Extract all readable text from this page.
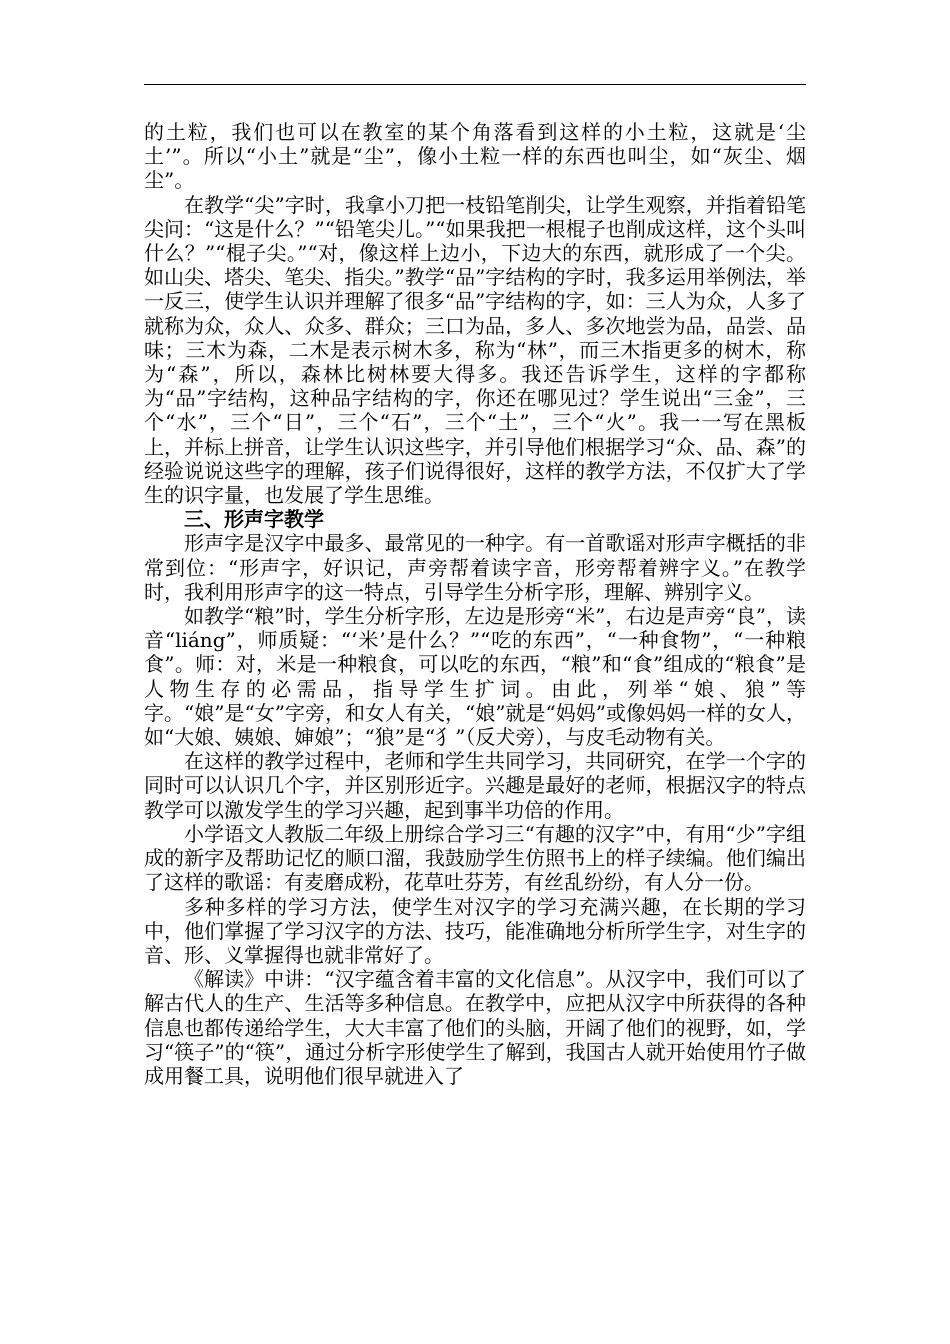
的土粒，我们也可以在教室的某个角落看到这样的小土粒，这就是‘尘土’”。所以“小土”就是“尘”，像小土粒一样的东西也叫尘，如“灰尘、烟尘”。

在教学“尖”字时，我拿小刀把一枝铅笔削尖，让学生观察，并指着铅笔尖问：“这是什么？”“铅笔尖儿。”“如果我把一根棍子也削成这样，这个头叫什么？”“棍子尖。”“对，像这样上边小，下边大的东西，就形成了一个尖。如山尖、塔尖、笔尖、指尖。”教学“品”字结构的字时，我多运用举例法，举一反三，使学生认识并理解了很多“品”字结构的字，如：三人为众，人多了就称为众，众人、众多、群众；三口为品，多人、多次地尝为品，品尝、品味；三木为森，二木是表示树木多，称为“林”，而三木指更多的树木，称为“森”，所以，森林比树林要大得多。我还告诉学生，这样的字都称为“品”字结构，这种品字结构的字，你还在哪见过？学生说出“三金”，三个“水”，三个“日”，三个“石”，三个“土”，三个“火”。我一一写在黑板上，并标上拼音，让学生认识这些字，并引导他们根据学习“众、品、森”的经验说说这些字的理解，孩子们说得很好，这样的教学方法，不仅扩大了学生的识字量，也发展了学生思维。

三、形声字教学

形声字是汉字中最多、最常见的一种字。有一首歌谣对形声字概括的非常到位：“形声字，好识记，声旁帮着读字音，形旁帮着辨字义。”在教学时，我利用形声字的这一特点，引导学生分析字形，理解、辨别字义。

如教学“粮”时，学生分析字形，左边是形旁“米”，右边是声旁“良”，读音“liáng”，师质疑：“‘米’是什么？”“吃的东西”，“一种食物”，“一种粮食”。师：对，米是一种粮食，可以吃的东西，“粮”和“食”组成的“粮食”是人物生存的必需品，指导学生扩词。由此，列举“娘、狼”等字。“娘”是“女”字旁，和女人有关，“娘”就是“妈妈”或像妈妈一样的女人，如“大娘、姨娘、婶娘”；“狼”是“犭”（反犬旁），与皮毛动物有关。

在这样的教学过程中，老师和学生共同学习，共同研究，在学一个字的同时可以认识几个字，并区别形近字。兴趣是最好的老师，根据汉字的特点教学可以激发学生的学习兴趣，起到事半功倍的作用。

小学语文人教版二年级上册综合学习三“有趣的汉字”中，有用“少”字组成的新字及帮助记忆的顺口溜，我鼓励学生仿照书上的样子续编。他们编出了这样的歌谣：有麦磨成粉，花草吐芬芳，有丝乱纷纷，有人分一份。

多种多样的学习方法，使学生对汉字的学习充满兴趣，在长期的学习中，他们掌握了学习汉字的方法、技巧，能准确地分析所学生字，对生字的音、形、义掌握得也就非常好了。

《解读》中讲：“汉字蕴含着丰富的文化信息”。从汉字中，我们可以了解古代人的生产、生活等多种信息。在教学中，应把从汉字中所获得的各种信息也都传递给学生，大大丰富了他们的头脑，开阔了他们的视野，如，学习“筷子”的“筷”，通过分析字形使学生了解到，我国古人就开始使用竹子做成用餐工具，说明他们很早就进入了
